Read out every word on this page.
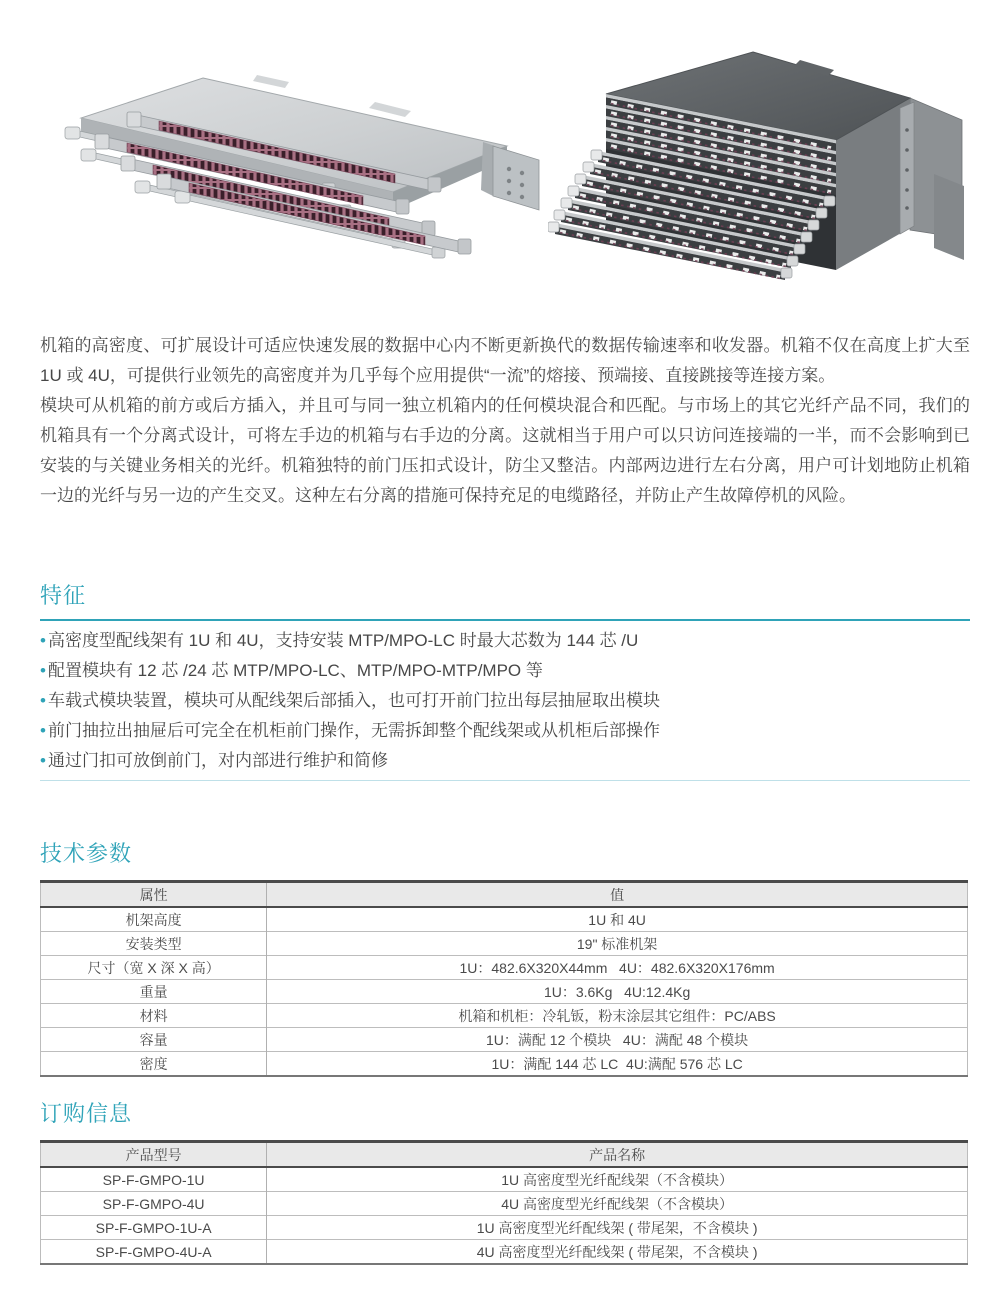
机箱的高密度、可扩展设计可适应快速发展的数据中心内不断更新换代的数据传输速率和收发器。机箱不仅在高度上扩大至 1U 或 4U，可提供行业领先的高密度并为几乎每个应用提供“一流”的熔接、预端接、直接跳接等连接方案。

模块可从机箱的前方或后方插入，并且可与同一独立机箱内的任何模块混合和匹配。与市场上的其它光纤产品不同，我们的机箱具有一个分离式设计，可将左手边的机箱与右手边的分离。这就相当于用户可以只访问连接端的一半，而不会影响到已安装的与关键业务相关的光纤。机箱独特的前门压扣式设计，防尘又整洁。内部两边进行左右分离，用户可计划地防止机箱一边的光纤与另一边的产生交叉。这种左右分离的措施可保持充足的电缆路径，并防止产生故障停机的风险。

特征
•
高密度型配线架有 1U 和 4U，支持安装 MTP/MPO-LC 时最大芯数为 144 芯 /U
•
配置模块有 12 芯 /24 芯 MTP/MPO-LC、MTP/MPO-MTP/MPO 等
•
车载式模块装置，模块可从配线架后部插入，也可打开前门拉出每层抽屉取出模块
•
前门抽拉出抽屉后可完全在机柜前门操作，无需拆卸整个配线架或从机柜后部操作
•
通过门扣可放倒前门，对内部进行维护和简修
技术参数
属性	值
机架高度	1U 和 4U
安装类型	19" 标准机架
尺寸（宽 X 深 X 高）	1U：482.6X320X44mm   4U：482.6X320X176mm
重量	1U：3.6Kg   4U:12.4Kg
材料	机箱和机柜：冷轧钣，粉末涂层其它组件：PC/ABS
容量	1U：满配 12 个模块   4U：满配 48 个模块
密度	1U：满配 144 芯 LC  4U:满配 576 芯 LC
订购信息
产品型号	产品名称
SP-F-GMPO-1U	1U 高密度型光纤配线架（不含模块）
SP-F-GMPO-4U	4U 高密度型光纤配线架（不含模块）
SP-F-GMPO-1U-A	1U 高密度型光纤配线架 ( 带尾架，不含模块 )
SP-F-GMPO-4U-A	4U 高密度型光纤配线架 ( 带尾架，不含模块 )
